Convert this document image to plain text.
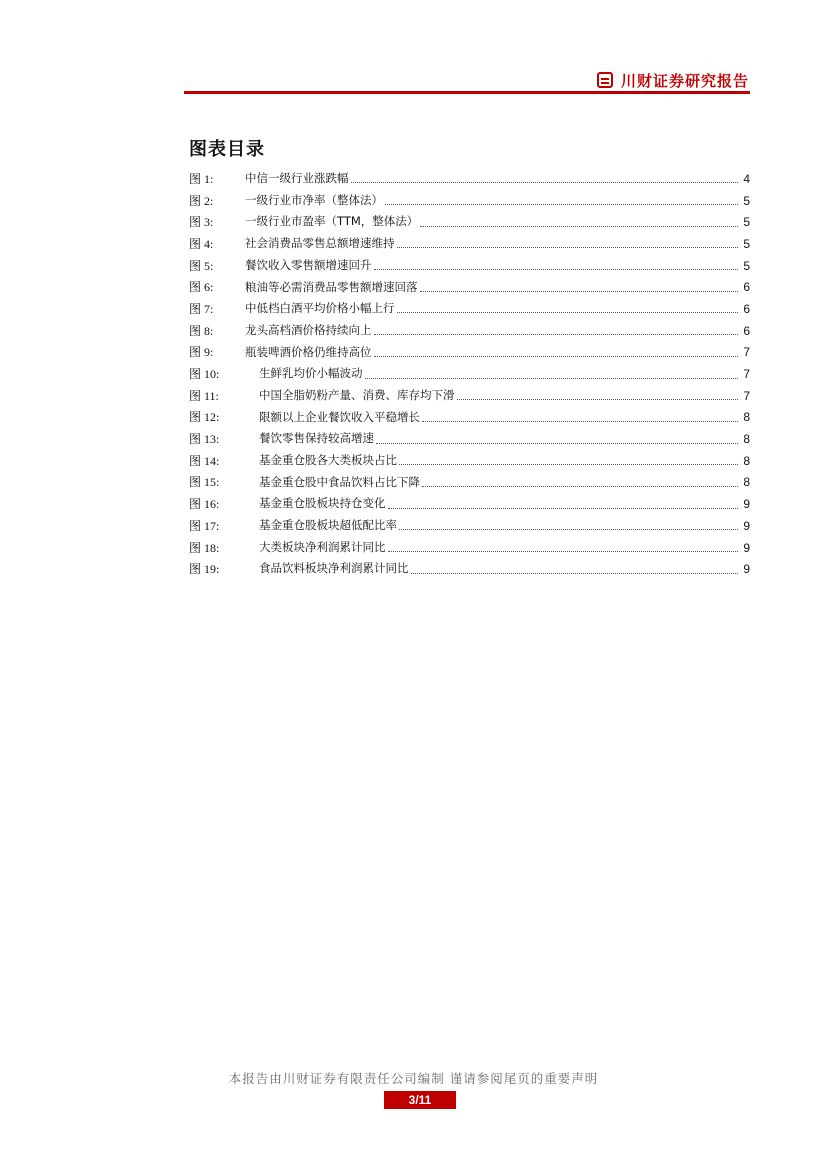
川财证券研究报告
图表目录
图 1:	中信一级行业涨跌幅	4
图 2:	一级行业市净率（整体法）	5
图 3:	一级行业市盈率（TTM，整体法）	5
图 4:	社会消费品零售总额增速维持	5
图 5:	餐饮收入零售额增速回升	5
图 6:	粮油等必需消费品零售额增速回落	6
图 7:	中低档白酒平均价格小幅上行	6
图 8:	龙头高档酒价格持续向上	6
图 9:	瓶装啤酒价格仍维持高位	7
图 10:	生鲜乳均价小幅波动	7
图 11:	中国全脂奶粉产量、消费、库存均下滑	7
图 12:	限额以上企业餐饮收入平稳增长	8
图 13:	餐饮零售保持较高增速	8
图 14:	基金重仓股各大类板块占比	8
图 15:	基金重仓股中食品饮料占比下降	8
图 16:	基金重仓股板块持仓变化	9
图 17:	基金重仓股板块超低配比率	9
图 18:	大类板块净利润累计同比	9
图 19:	食品饮料板块净利润累计同比	9
本报告由川财证券有限责任公司编制 谨请参阅尾页的重要声明
3/11
